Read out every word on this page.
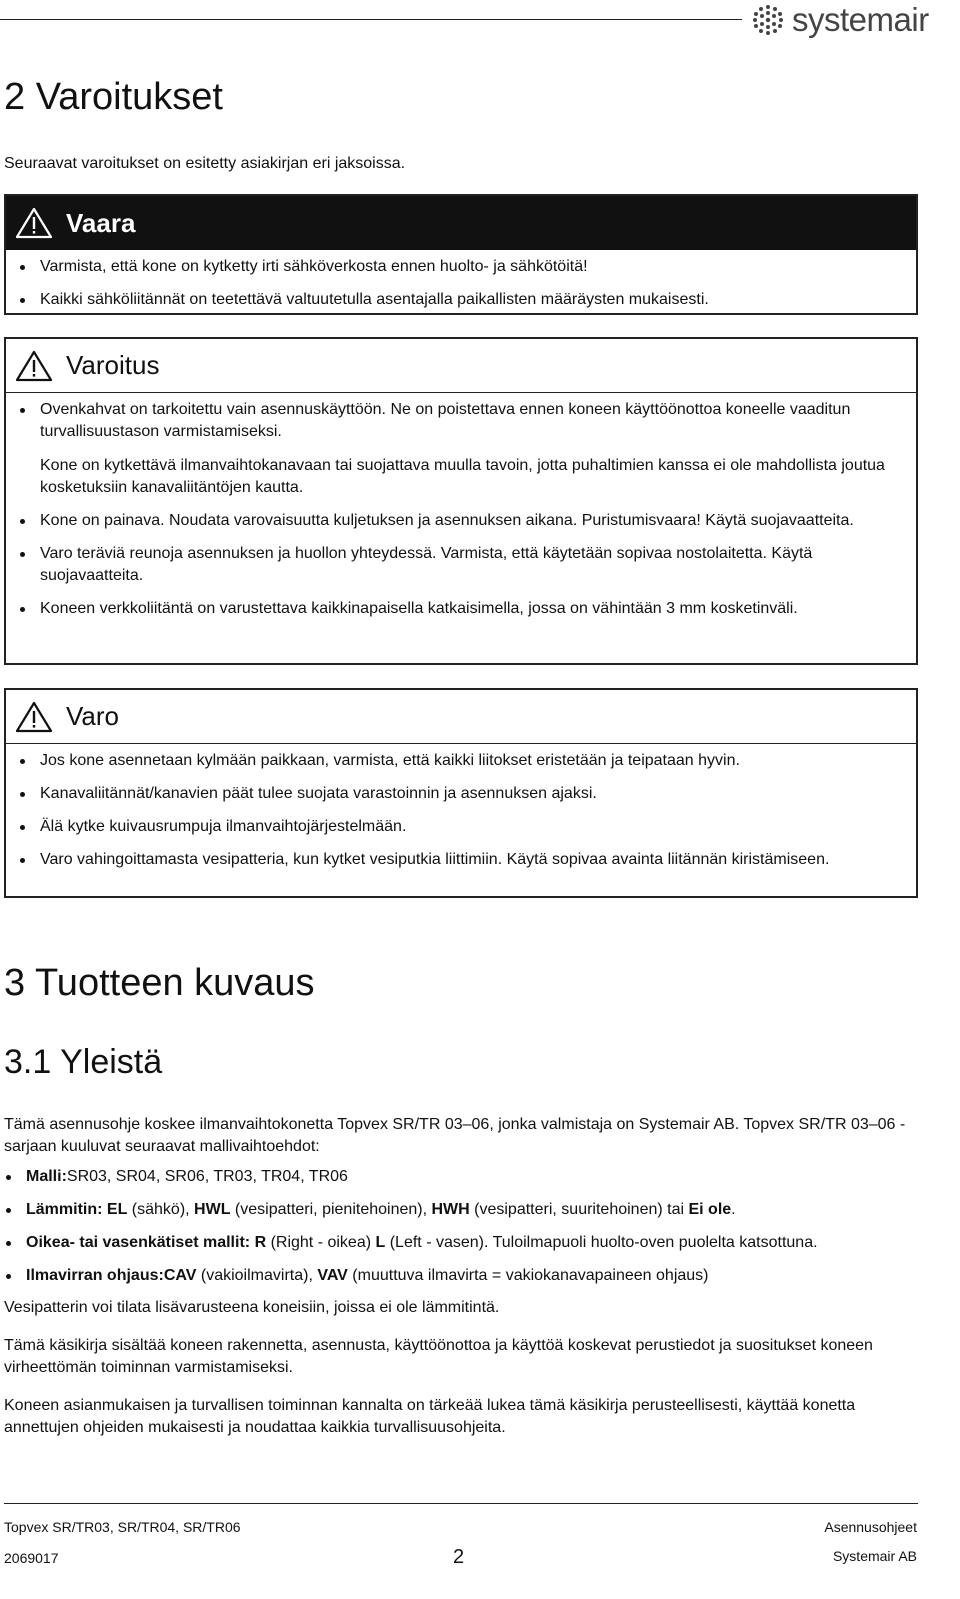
systemair
2 Varoitukset

Seuraavat varoitukset on esitetty asiakirjan eri jaksoissa.

Vaara
Varmista, että kone on kytketty irti sähköverkosta ennen huolto- ja sähkötöitä!
Kaikki sähköliitännät on teetettävä valtuutetulla asentajalla paikallisten määräysten mukaisesti.
Varoitus
Ovenkahvat on tarkoitettu vain asennuskäyttöön. Ne on poistettava ennen koneen käyttöönottoa koneelle vaaditun turvallisuustason varmistamiseksi.

Kone on kytkettävä ilmanvaihtokanavaan tai suojattava muulla tavoin, jotta puhaltimien kanssa ei ole mahdollista joutua kosketuksiin kanavaliitäntöjen kautta.

Kone on painava. Noudata varovaisuutta kuljetuksen ja asennuksen aikana. Puristumisvaara! Käytä suojavaatteita.
Varo teräviä reunoja asennuksen ja huollon yhteydessä. Varmista, että käytetään sopivaa nostolaitetta. Käytä suojavaatteita.
Koneen verkkoliitäntä on varustettava kaikkinapaisella katkaisimella, jossa on vähintään 3 mm kosketinväli.
Varo
Jos kone asennetaan kylmään paikkaan, varmista, että kaikki liitokset eristetään ja teipataan hyvin.
Kanavaliitännät/kanavien päät tulee suojata varastoinnin ja asennuksen ajaksi.
Älä kytke kuivausrumpuja ilmanvaihtojärjestelmään.
Varo vahingoittamasta vesipatteria, kun kytket vesiputkia liittimiin. Käytä sopivaa avainta liitännän kiristämiseen.
3 Tuotteen kuvaus
3.1 Yleistä

Tämä asennusohje koskee ilmanvaihtokonetta Topvex SR/TR 03–06, jonka valmistaja on Systemair AB. Topvex SR/TR 03–06 -sarjaan kuuluvat seuraavat mallivaihtoehdot:

Malli:SR03, SR04, SR06, TR03, TR04, TR06
Lämmitin: EL (sähkö), HWL (vesipatteri, pienitehoinen), HWH (vesipatteri, suuritehoinen) tai Ei ole.
Oikea- tai vasenkätiset mallit: R (Right - oikea) L (Left - vasen). Tuloilmapuoli huolto-oven puolelta katsottuna.
Ilmavirran ohjaus:CAV (vakioilmavirta), VAV (muuttuva ilmavirta = vakiokanavapaineen ohjaus)

Vesipatterin voi tilata lisävarusteena koneisiin, joissa ei ole lämmitintä.

Tämä käsikirja sisältää koneen rakennetta, asennusta, käyttöönottoa ja käyttöä koskevat perustiedot ja suositukset koneen virheettömän toiminnan varmistamiseksi.

Koneen asianmukaisen ja turvallisen toiminnan kannalta on tärkeää lukea tämä käsikirja perusteellisesti, käyttää konetta annettujen ohjeiden mukaisesti ja noudattaa kaikkia turvallisuusohjeita.

Topvex SR/TR03, SR/TR04, SR/TR06	Asennusohjeet
2069017	2	Systemair AB
